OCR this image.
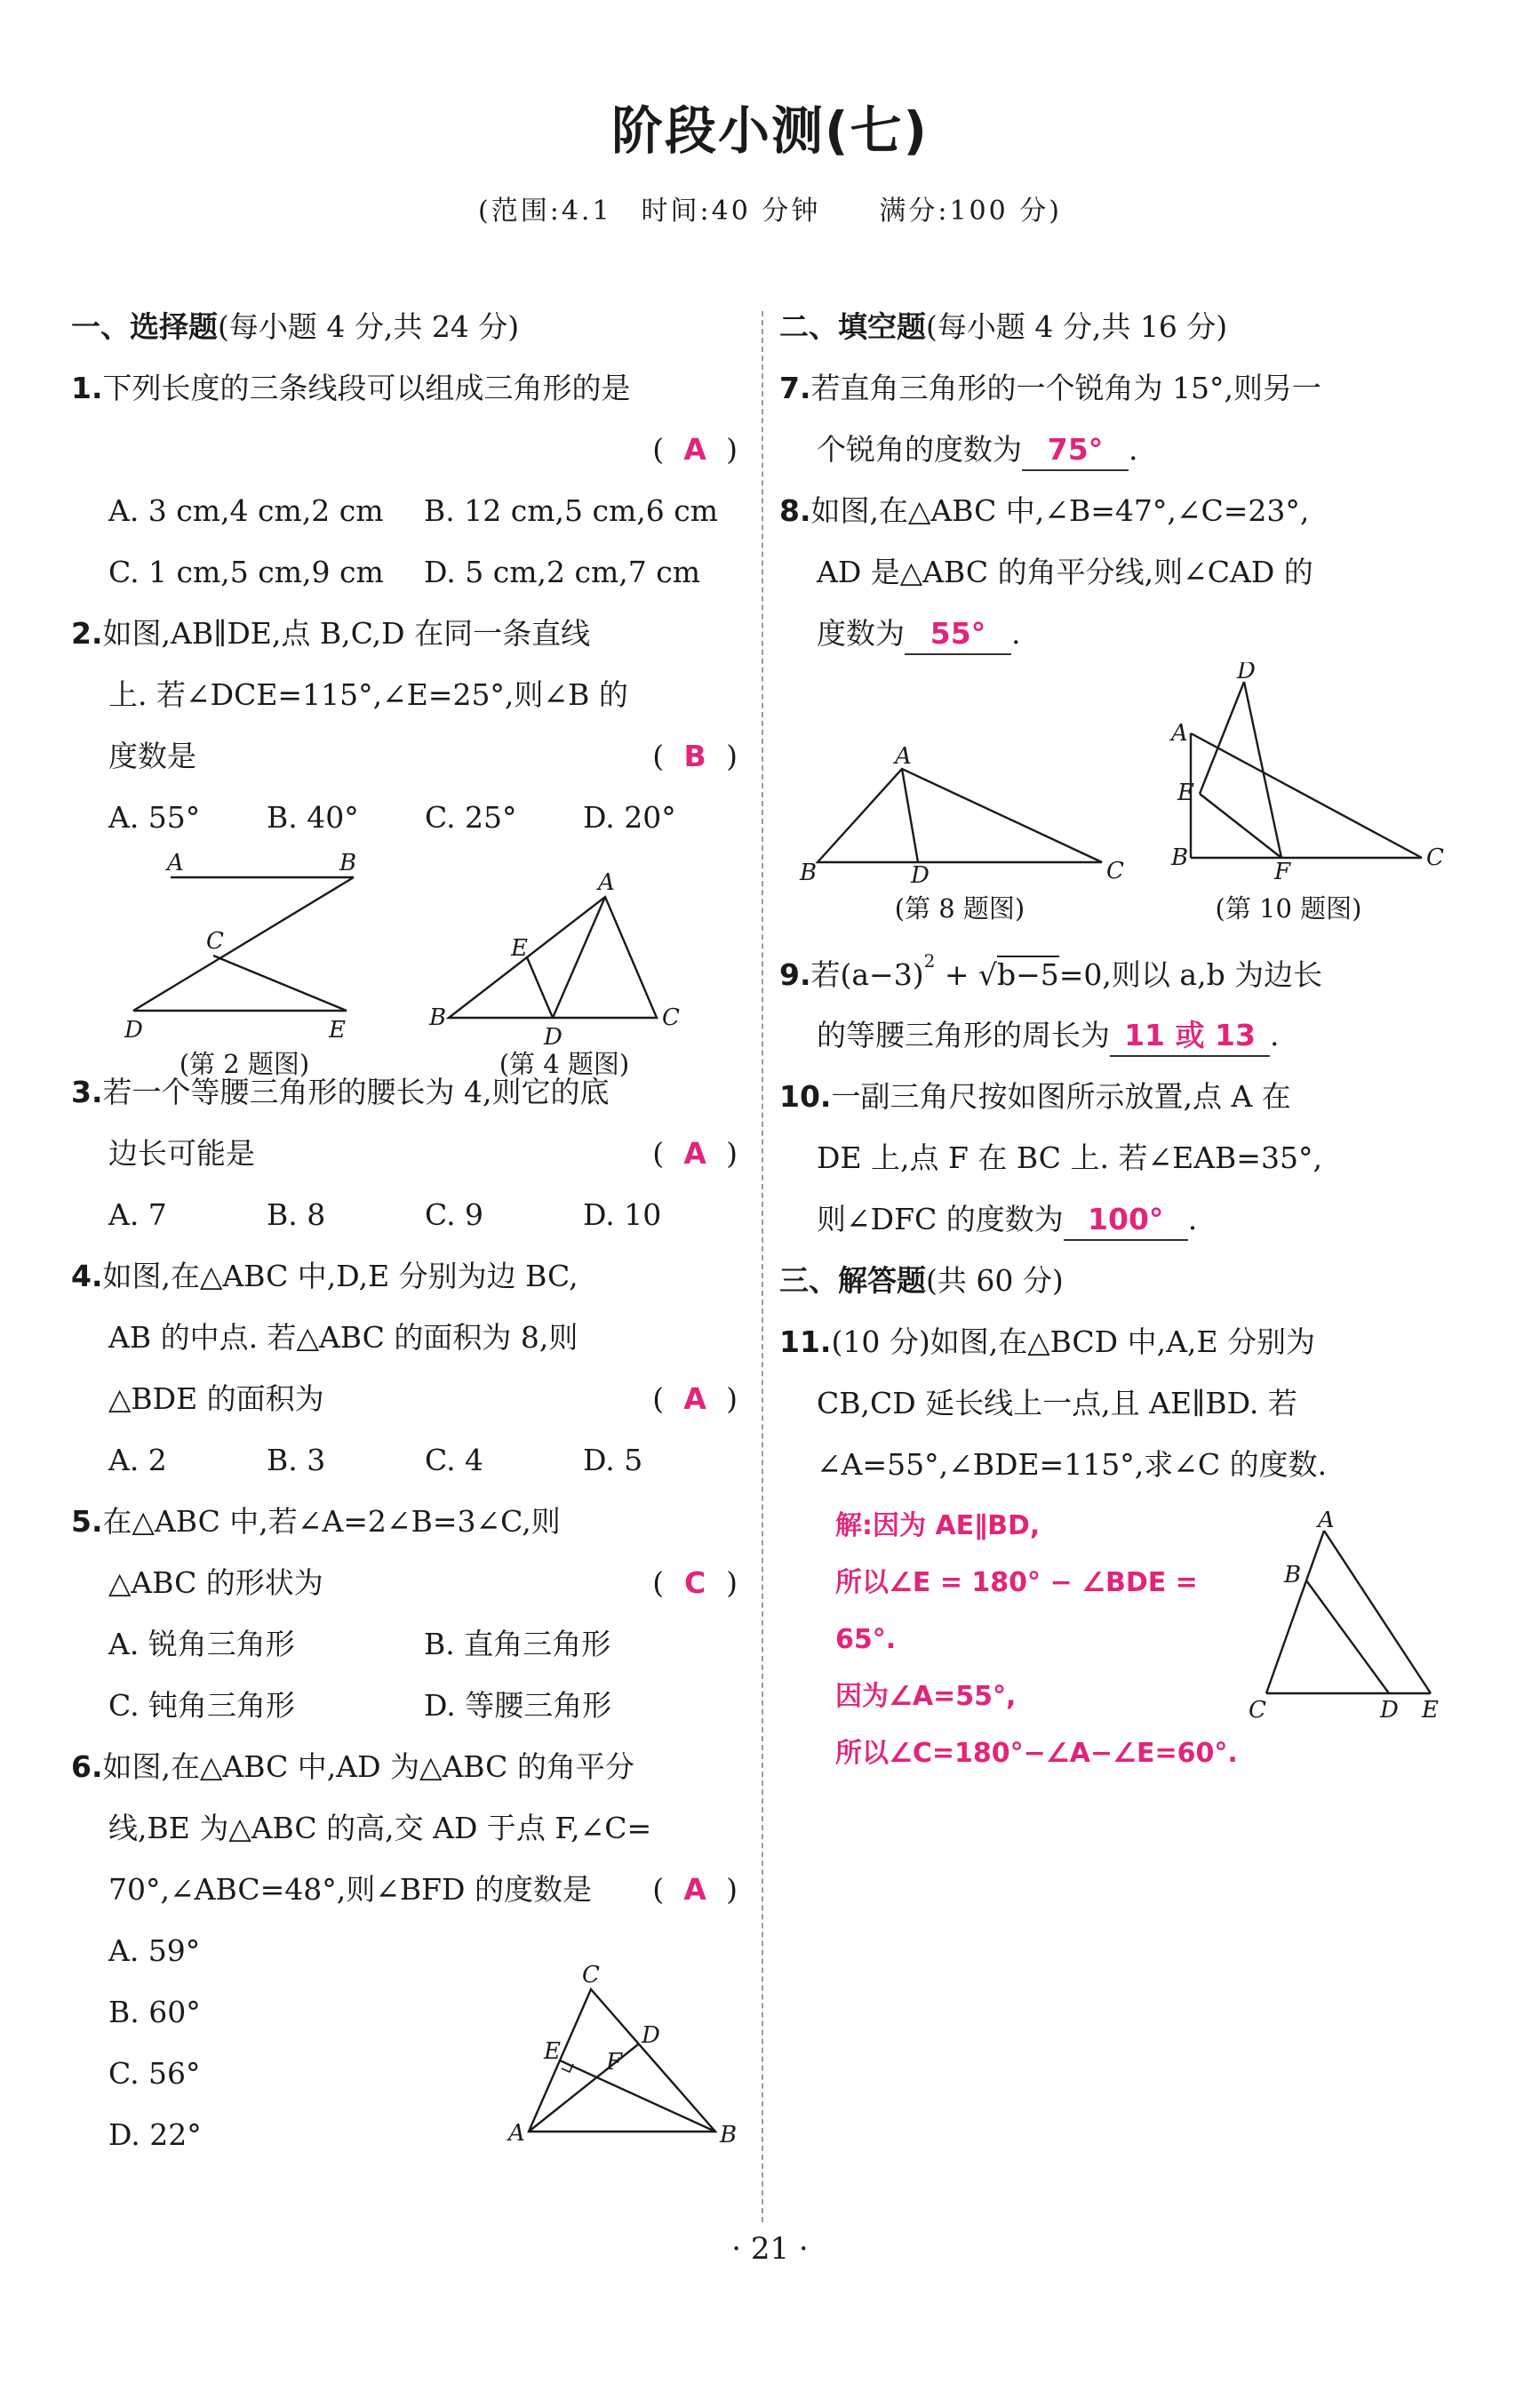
阶段小测(七)
(范围:4.1　时间:40 分钟　　满分:100 分)
一、选择题(每小题 4 分,共 24 分)
1.下列长度的三条线段可以组成三角形的是
( A )
A. 3 cm,4 cm,2 cm B. 12 cm,5 cm,6 cm
C. 1 cm,5 cm,9 cm D. 5 cm,2 cm,7 cm
2.如图,AB∥DE,点 B,C,D 在同一条直线
上. 若∠DCE=115°,∠E=25°,则∠B 的
度数是	( B )
A. 55° B. 40° C. 25° D. 20°
3.若一个等腰三角形的腰长为 4,则它的底
边长可能是	( A )
A. 7	B. 8	C. 9	D. 10
4.如图,在△ABC 中,D,E 分别为边 BC,
AB 的中点. 若△ABC 的面积为 8,则
△BDE 的面积为	( A )
A. 2	B. 3	C. 4	D. 5
5.在△ABC 中,若∠A=2∠B=3∠C,则
△ABC 的形状为	( C )
A. 锐角三角形	B. 直角三角形
C. 钝角三角形	D. 等腰三角形
6.如图,在△ABC 中,AD 为△ABC 的角平分
线,BE 为△ABC 的高,交 AD 于点 F,∠C=
70°,∠ABC=48°,则∠BFD 的度数是 ( A )
A. 59°
B. 60°
C. 56°
D. 22°
A	B
C
D	E
(第 2 题图)
A
B	C
D
E
(第 4 题图)
A	B
C
D
E F
二、填空题(每小题 4 分,共 16 分)
7.若直角三角形的一个锐角为 15°,则另一
个锐角的度数为 75° .
8.如图,在△ABC 中,∠B=47°,∠C=23°,
AD 是△ABC 的角平分线,则∠CAD 的
度数为 55° .
9.若$(a-3)^2 + √b-5=0$,则以 a,b 为边长
的等腰三角形的周长为 11 或 13 .
10.一副三角尺按如图所示放置,点 A 在
DE 上,点 F 在 BC 上. 若∠EAB=35°,
则∠DFC 的度数为 100° .
三、解答题(共 60 分)
11.(10 分)如图,在△BCD 中,A,E 分别为
CB,CD 延长线上一点,且 AE∥BD. 若
∠A=55°,∠BDE=115°,求∠C 的度数.
A
B	C
D
(第 8 题图)
A
B	C
D
E
F
(第 10 题图)
解:因为 AE∥BD,
所以∠E = 180° − ∠BDE =
65°.
因为∠A=55°,
所以∠C=180°−∠A−∠E=60°.
A
B
C	D E
· 21 ·
